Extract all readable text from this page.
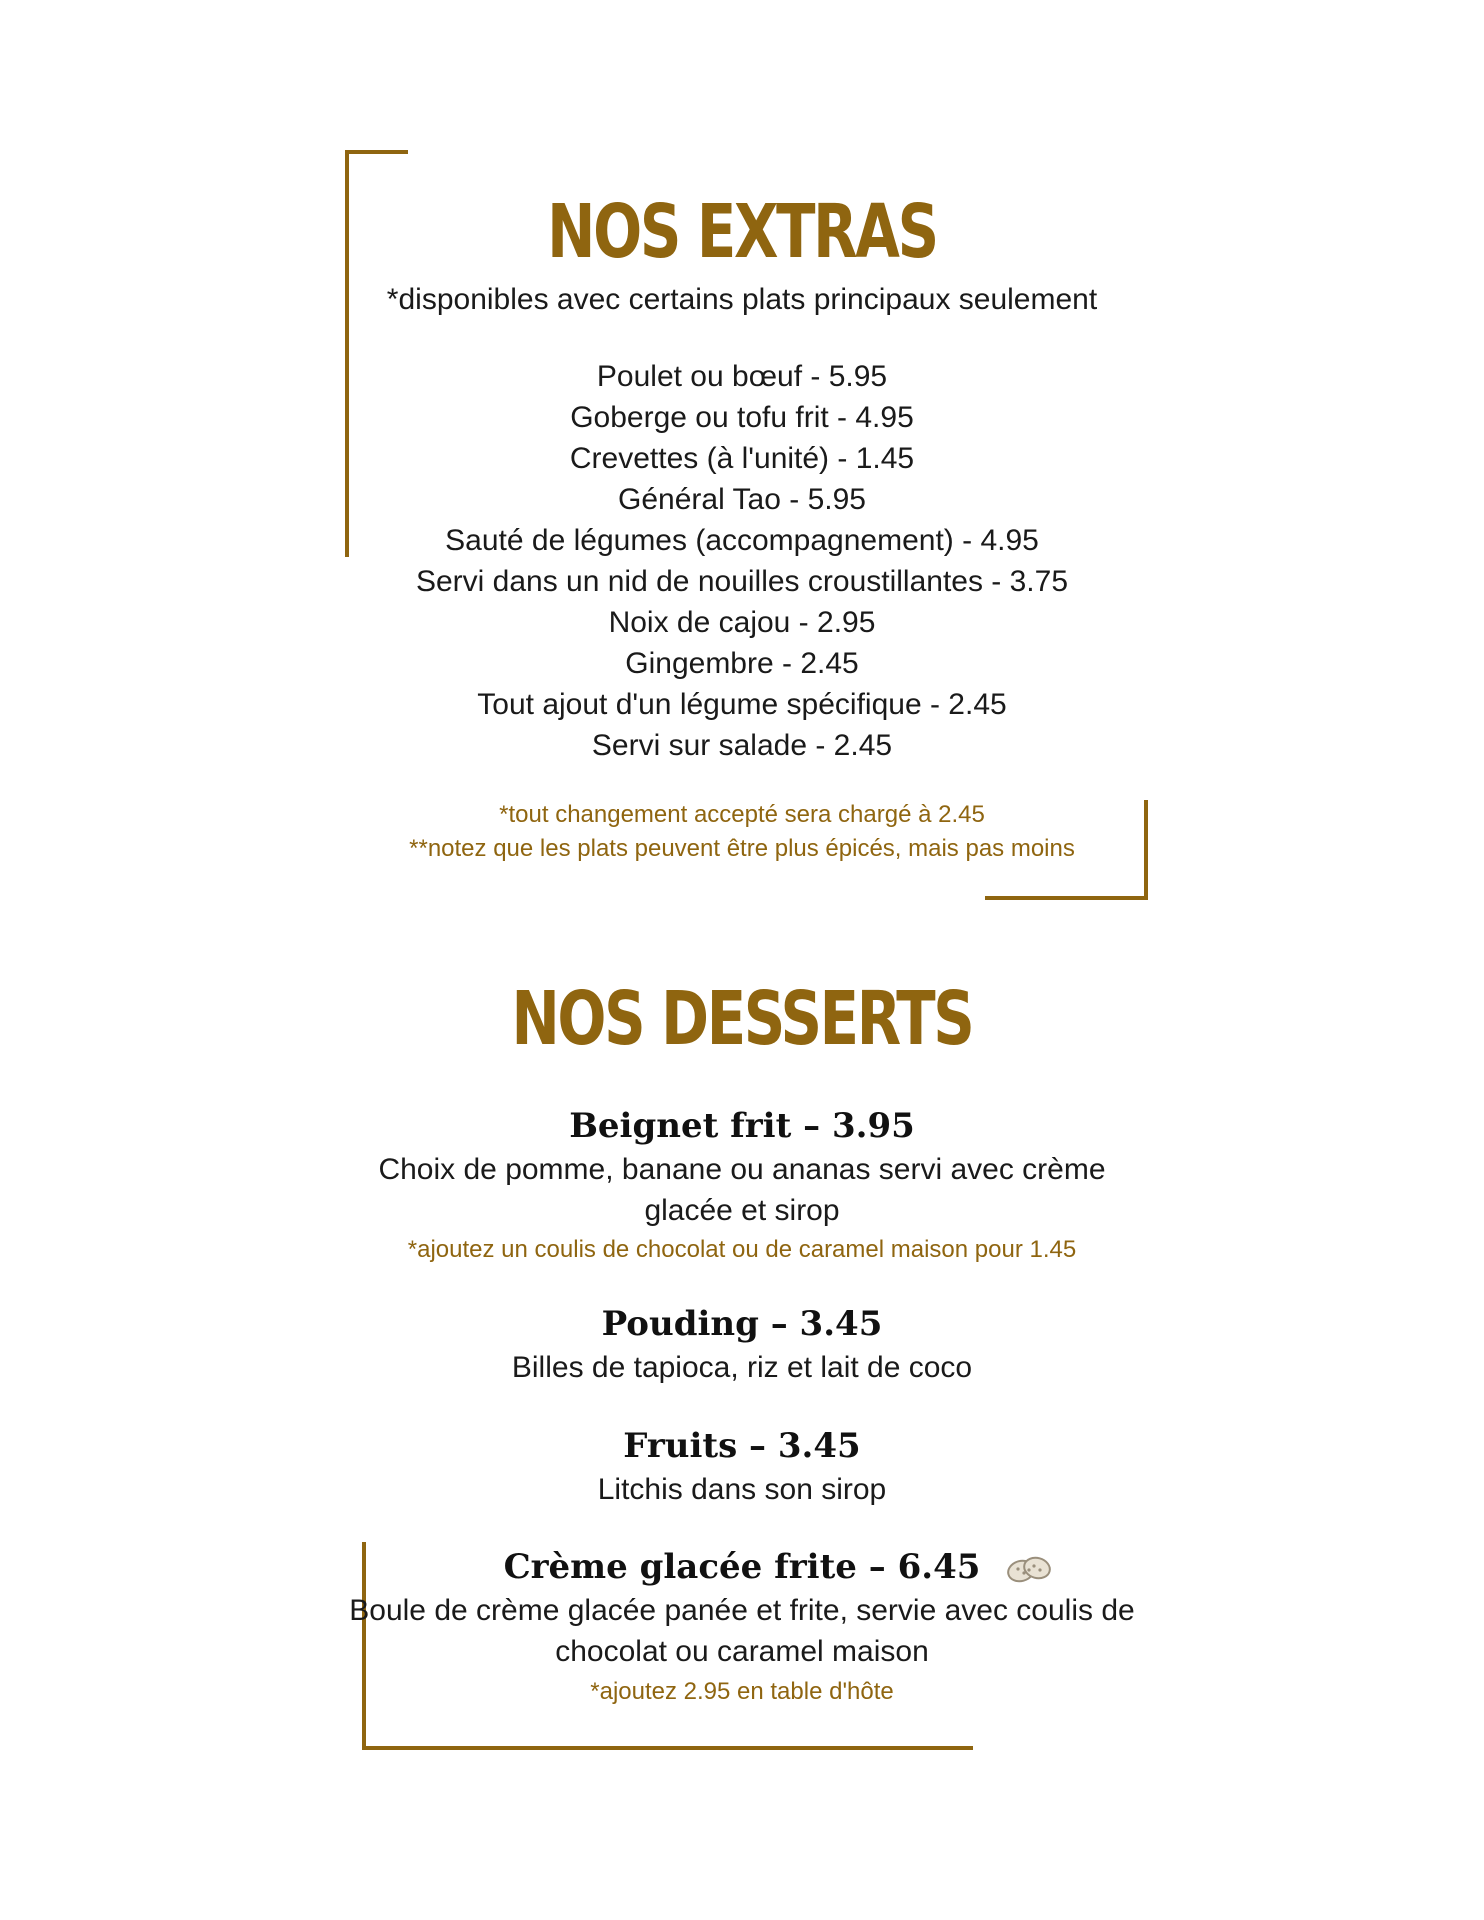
NOS EXTRAS

*disponibles avec certains plats principaux seulement

Poulet ou bœuf - 5.95
Goberge ou tofu frit - 4.95
Crevettes (à l'unité) - 1.45
Général Tao - 5.95
Sauté de légumes (accompagnement) - 4.95
Servi dans un nid de nouilles croustillantes - 3.75
Noix de cajou - 2.95
Gingembre - 2.45
Tout ajout d'un légume spécifique - 2.45
Servi sur salade - 2.45

*tout changement accepté sera chargé à 2.45

**notez que les plats peuvent être plus épicés, mais pas moins

NOS DESSERTS
Beignet frit – 3.95

Choix de pomme, banane ou ananas servi avec crème glacée et sirop

*ajoutez un coulis de chocolat ou de caramel maison pour 1.45

Pouding – 3.45

Billes de tapioca, riz et lait de coco

Fruits – 3.45

Litchis dans son sirop

Crème glacée frite – 6.45

Boule de crème glacée panée et frite, servie avec coulis de chocolat ou caramel maison

*ajoutez 2.95 en table d'hôte
